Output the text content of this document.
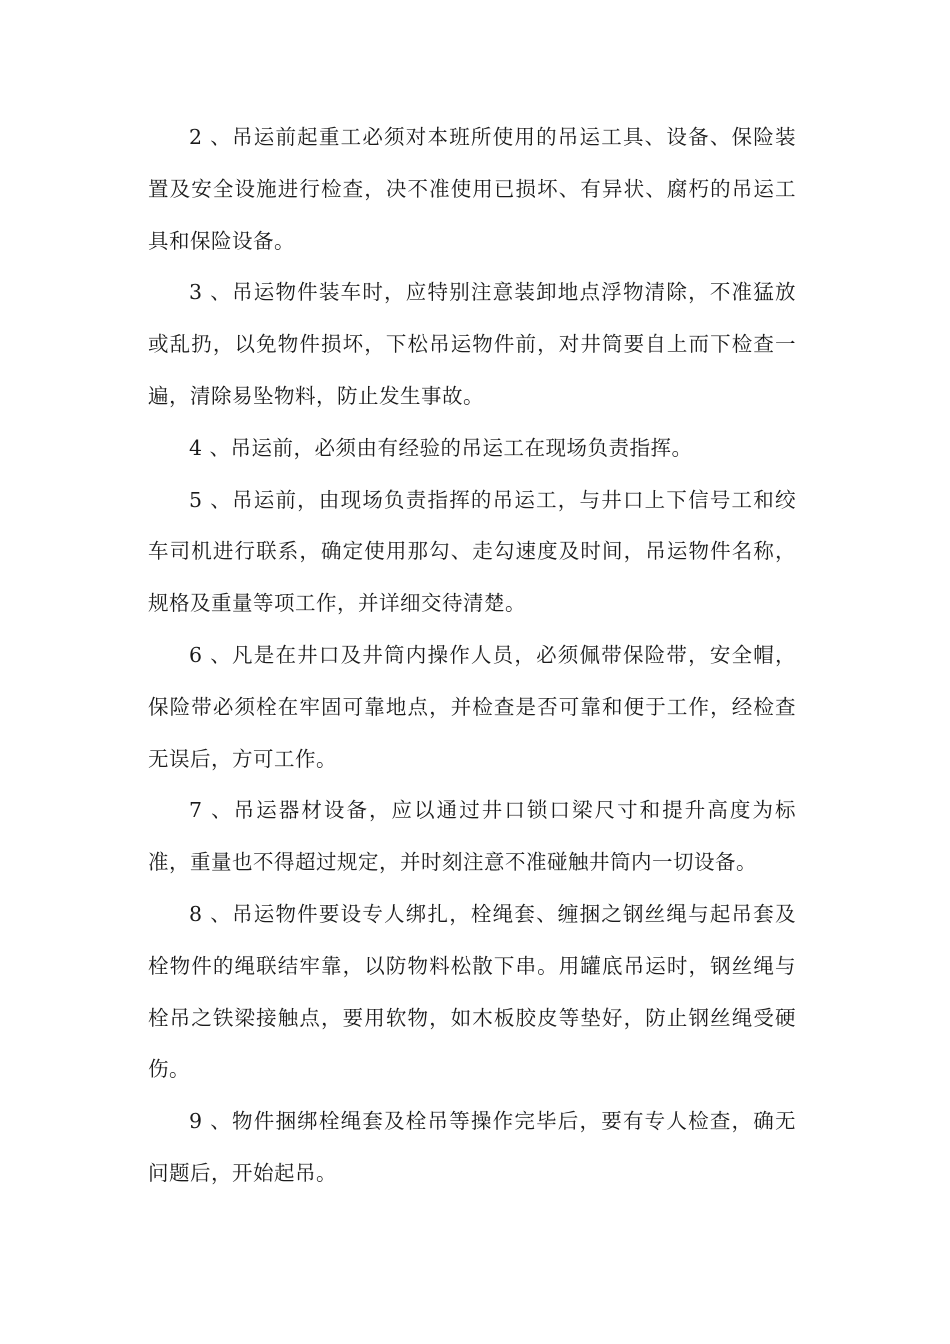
2 、吊运前起重工必须对本班所使用的吊运工具、设备、保险装置及安全设施进行检查，决不准使用已损坏、有异状、腐朽的吊运工具和保险设备。

3 、吊运物件装车时，应特别注意装卸地点浮物清除，不准猛放或乱扔，以免物件损坏，下松吊运物件前，对井筒要自上而下检查一遍，清除易坠物料，防止发生事故。

4 、吊运前，必须由有经验的吊运工在现场负责指挥。

5 、吊运前，由现场负责指挥的吊运工，与井口上下信号工和绞车司机进行联系，确定使用那勾、走勾速度及时间，吊运物件名称，规格及重量等项工作，并详细交待清楚。

6 、凡是在井口及井筒内操作人员，必须佩带保险带，安全帽，保险带必须栓在牢固可靠地点，并检查是否可靠和便于工作，经检查无误后，方可工作。

7 、吊运器材设备，应以通过井口锁口梁尺寸和提升高度为标准，重量也不得超过规定，并时刻注意不准碰触井筒内一切设备。

8 、吊运物件要设专人绑扎，栓绳套、缠捆之钢丝绳与起吊套及栓物件的绳联结牢靠，以防物料松散下串。用罐底吊运时，钢丝绳与栓吊之铁梁接触点，要用软物，如木板胶皮等垫好，防止钢丝绳受硬伤。

9 、物件捆绑栓绳套及栓吊等操作完毕后，要有专人检查，确无问题后，开始起吊。
